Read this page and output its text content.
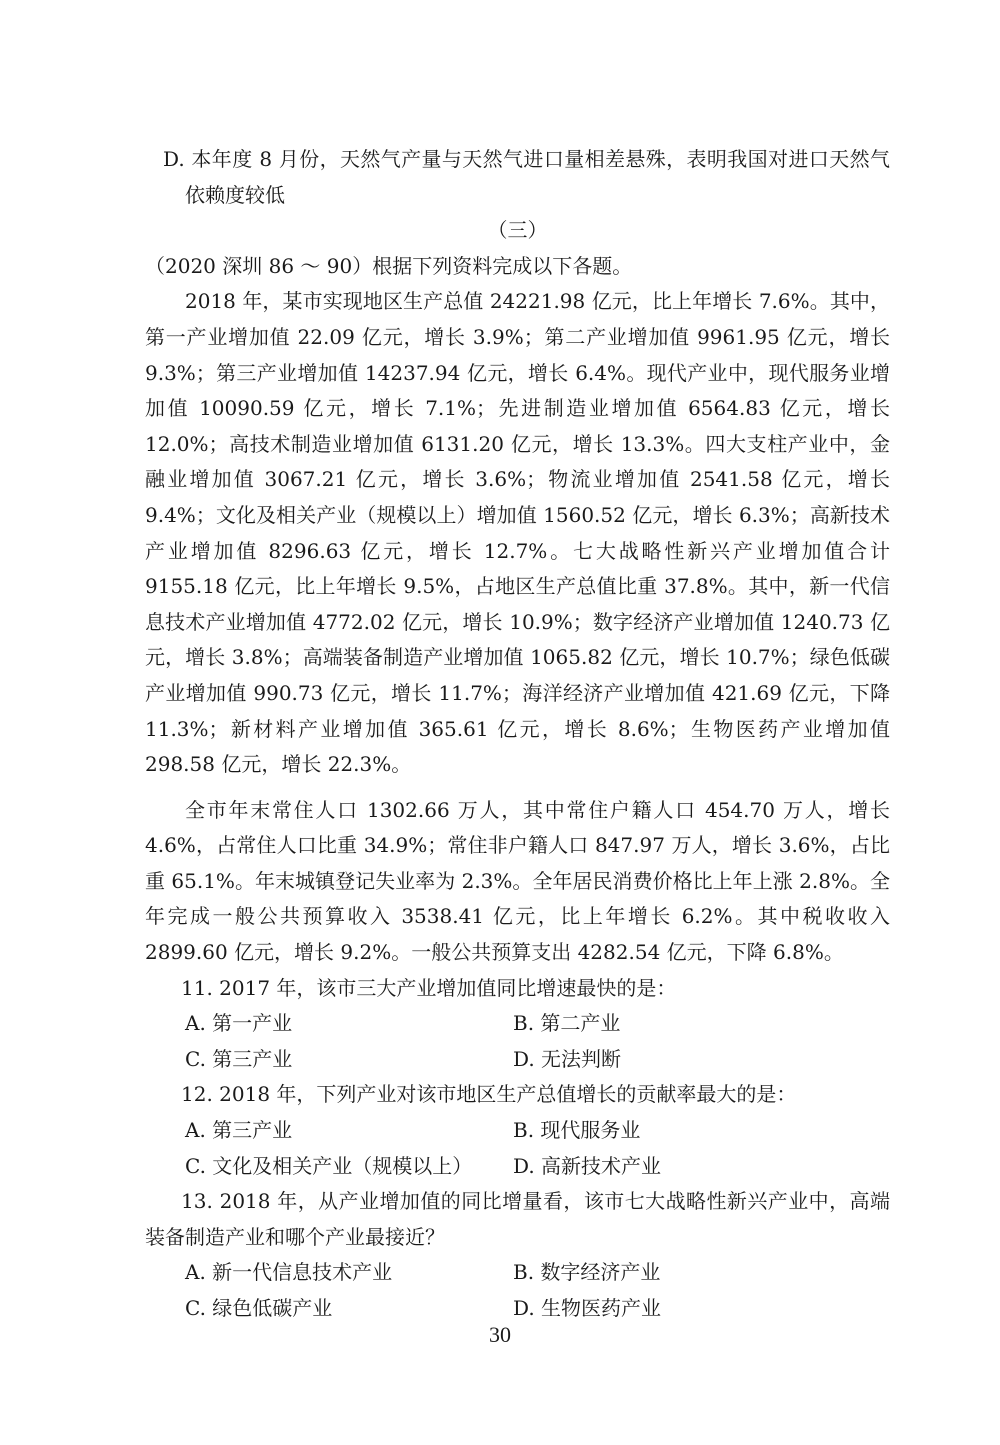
D. 本年度 8 月份，天然气产量与天然气进口量相差悬殊，表明我国对进口天然气依赖度较低

（三）

（2020 深圳 86 ～ 90）根据下列资料完成以下各题。

2018 年，某市实现地区生产总值 24221.98 亿元，比上年增长 7.6%。其中，第一产业增加值 22.09 亿元，增长 3.9%；第二产业增加值 9961.95 亿元，增长 9.3%；第三产业增加值 14237.94 亿元，增长 6.4%。现代产业中，现代服务业增加值 10090.59 亿元，增长 7.1%；先进制造业增加值 6564.83 亿元，增长 12.0%；高技术制造业增加值 6131.20 亿元，增长 13.3%。四大支柱产业中，金融业增加值 3067.21 亿元，增长 3.6%；物流业增加值 2541.58 亿元，增长 9.4%；文化及相关产业（规模以上）增加值 1560.52 亿元，增长 6.3%；高新技术产业增加值 8296.63 亿元，增长 12.7%。七大战略性新兴产业增加值合计 9155.18 亿元，比上年增长 9.5%，占地区生产总值比重 37.8%。其中，新一代信息技术产业增加值 4772.02 亿元，增长 10.9%；数字经济产业增加值 1240.73 亿元，增长 3.8%；高端装备制造产业增加值 1065.82 亿元，增长 10.7%；绿色低碳产业增加值 990.73 亿元，增长 11.7%；海洋经济产业增加值 421.69 亿元，下降 11.3%；新材料产业增加值 365.61 亿元，增长 8.6%；生物医药产业增加值 298.58 亿元，增长 22.3%。

全市年末常住人口 1302.66 万人，其中常住户籍人口 454.70 万人，增长 4.6%，占常住人口比重 34.9%；常住非户籍人口 847.97 万人，增长 3.6%，占比重 65.1%。年末城镇登记失业率为 2.3%。全年居民消费价格比上年上涨 2.8%。全年完成一般公共预算收入 3538.41 亿元，比上年增长 6.2%。其中税收收入 2899.60 亿元，增长 9.2%。一般公共预算支出 4282.54 亿元，下降 6.8%。

11. 2017 年，该市三大产业增加值同比增速最快的是：

A. 第一产业	B. 第二产业
C. 第三产业	D. 无法判断

12. 2018 年，下列产业对该市地区生产总值增长的贡献率最大的是：

A. 第三产业	B. 现代服务业
C. 文化及相关产业（规模以上）	D. 高新技术产业

13. 2018 年，从产业增加值的同比增量看，该市七大战略性新兴产业中，高端装备制造产业和哪个产业最接近？

A. 新一代信息技术产业	B. 数字经济产业
C. 绿色低碳产业	D. 生物医药产业
30
